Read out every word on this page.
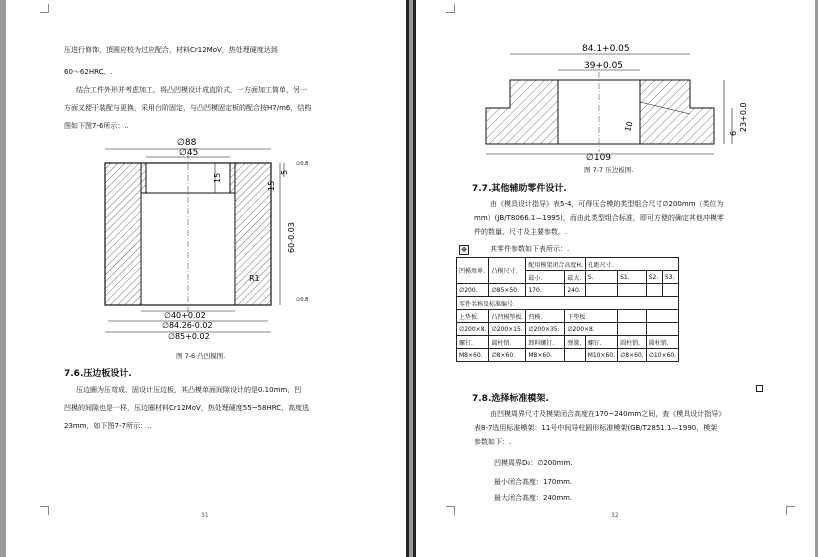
压进行修饰，頂圆应校为过应配合，材料Cr12MoV，热处理硬度达到
60～62HRC。.
结合工件外形并考虑加工，将凸凹模设计成直阶式，一方面加工简单，另一
方面又便于装配与更换，采用台阶固定，与凸凹模固定板的配合按H7/m6，结构
图如下图7-6所示：..
∅88
∅45
15
5
15
60-0.03
R1
∅40+0.02
∅84.26-0.02
∅85+0.02
∅0.8
∅0.8
图 7-6 凸凹模图.
7.6.压边板设计.
压边圈为压弯成、固设计压边板，其凸模单面间隙设计的是0.10mm，凹
凹模的间隙也是一样，压边圈材料Cr12MoV，热处理硬度55~58HRC，高度选
23mm，如下图7-7所示：..
31
84.1+0.05
39+0.05
10	23+0.0
6
∅109
图 7-7 压边板图.
7.7.其他辅助零件设计.
由《模具设计指导》表5-4，可得压合模的类型组合尺寸∅200mm（类位为
mm）(JB/T8066.1—1995)，而由此类型组合标准，即可方便的确定其他冲模零
件的数量、尺寸及主要参数。.
✥	其零件参数如下表所示：.
凹模周界.	凸模尺寸.	配用模架闭合高度H.		孔距尺寸.			
		最小.	最大.	S.	S1.	S2.	S3.
∅200.	∅85×50.	170.	240.				
零件名称及标准编号.							
上垫板.	凸凹模垫板.	凹模.	下垫板.				
∅200×8.	∅200×15.	∅200×35.	∅200×8.				
螺钉.	圆柱销.	卸料螺钉.	弹簧.	螺钉.	圆柱销.	圆柱销.	
M8×60.	∅8×60.	M8×60.		M10×60.	∅8×60.	∅10×60.	
7.8.选择标准模架.
由凹模周界尺寸及模架闭合高度在170~240mm之间，查《模具设计指导》
表8-7选用标准模架：11号中间导柱圆形标准模架(GB/T2851.1—1990，模架
参数如下：.
凹模周界D₀：∅200mm.
最小闭合高度：170mm.
最大闭合高度：240mm.
32
